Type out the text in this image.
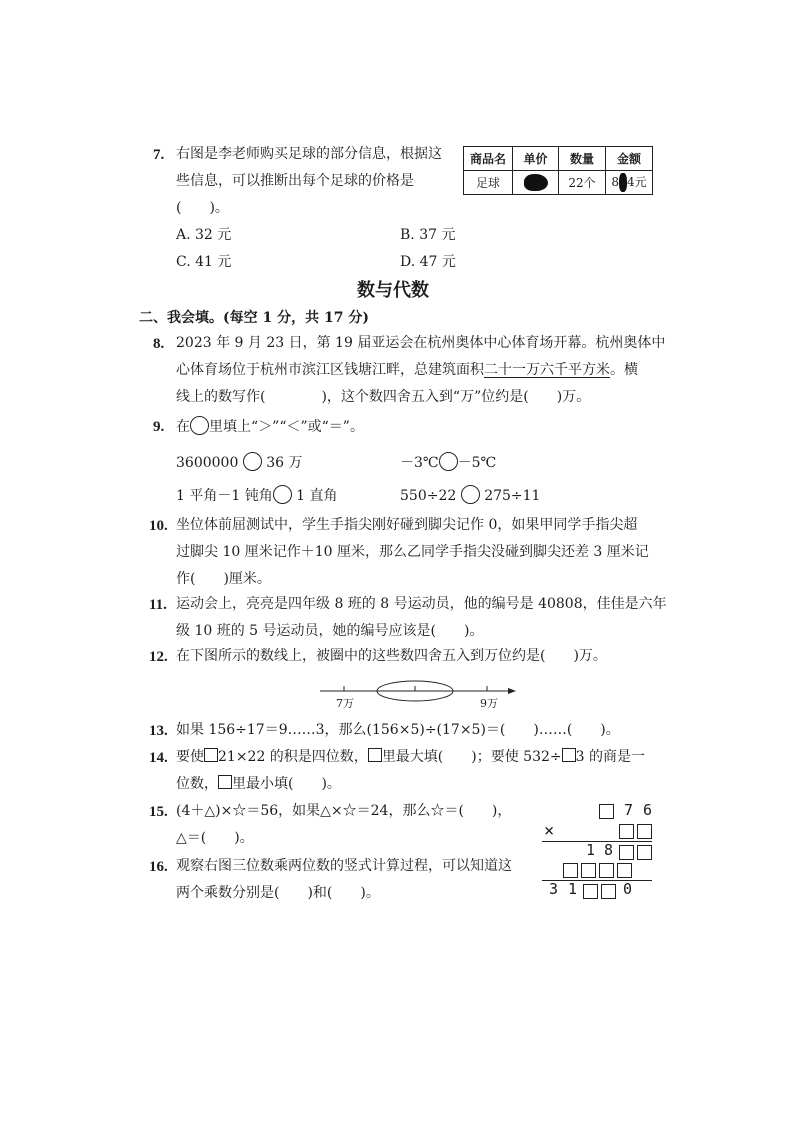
7. 右图是李老师购买足球的部分信息，根据这
些信息，可以推断出每个足球的价格是
(　　)。
A. 32 元	B. 37 元
C. 41 元	D. 47 元
商品名	单价	数量	金额
足球		22个	8 4元
数与代数
二、我会填。(每空 1 分，共 17 分)
8. 2023 年 9 月 23 日，第 19 届亚运会在杭州奥体中心体育场开幕。杭州奥体中
心体育场位于杭州市滨江区钱塘江畔，总建筑面积二十一万六千平方米。横
线上的数写作(　　　　)，这个数四舍五入到“万”位约是(　　)万。
9. 在 里填上“＞”“＜”或“＝”。
3600000 36 万	－3℃ －5℃
1 平角－1 钝角 1 直角	550÷22 275÷11
10. 坐位体前屈测试中，学生手指尖刚好碰到脚尖记作 0，如果甲同学手指尖超
过脚尖 10 厘米记作＋10 厘米，那么乙同学手指尖没碰到脚尖还差 3 厘米记
作(　　)厘米。
11. 运动会上，亮亮是四年级 8 班的 8 号运动员，他的编号是 40808，佳佳是六年
级 10 班的 5 号运动员，她的编号应该是(　　)。
12. 在下图所示的数线上，被圈中的这些数四舍五入到万位约是(　　)万。
7万	9万
13. 如果 156÷17＝9……3，那么(156×5)÷(17×5)＝(　　)……(　　)。
14. 要使 21×22 的积是四位数， 里最大填(　　)；要使 532÷ 3 的商是一
位数， 里最小填(　　)。
15. (4＋△)×☆＝56，如果△×☆＝24，那么☆＝(　　)，
△＝(　　)。
16. 观察右图三位数乘两位数的竖式计算过程，可以知道这
两个乘数分别是(　　)和(　　)。
7 6
×
1 8
3 1	0
